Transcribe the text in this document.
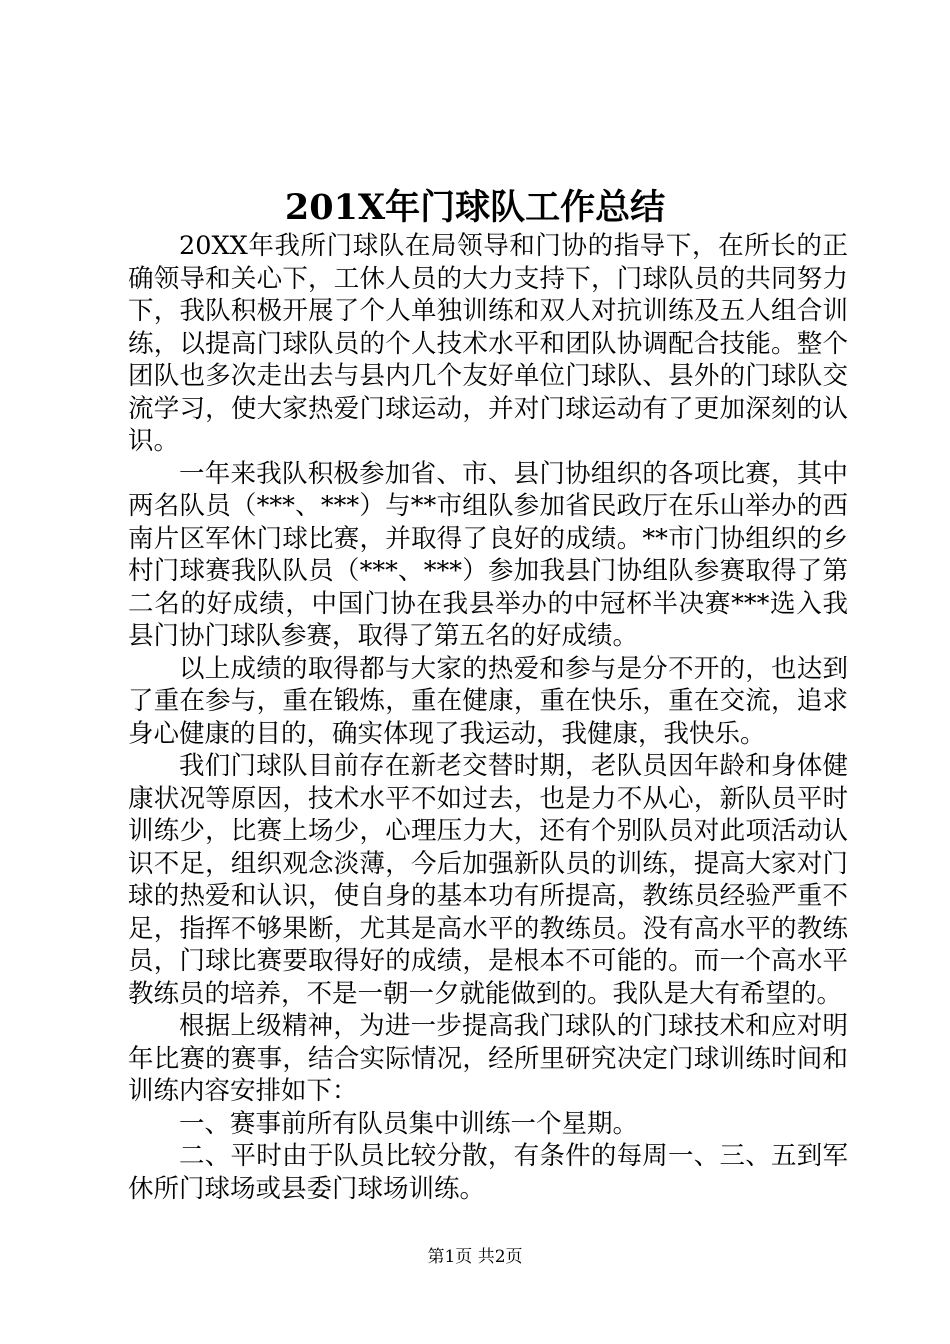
201X年门球队工作总结

20XX年我所门球队在局领导和门协的指导下，在所长的正确领导和关心下，工休人员的大力支持下，门球队员的共同努力下，我队积极开展了个人单独训练和双人对抗训练及五人组合训练，以提高门球队员的个人技术水平和团队协调配合技能。整个团队也多次走出去与县内几个友好单位门球队、县外的门球队交流学习，使大家热爱门球运动，并对门球运动有了更加深刻的认识。

一年来我队积极参加省、市、县门协组织的各项比赛，其中两名队员（***、***）与**市组队参加省民政厅在乐山举办的西南片区军休门球比赛，并取得了良好的成绩。**市门协组织的乡村门球赛我队队员（***、***）参加我县门协组队参赛取得了第二名的好成绩，中国门协在我县举办的中冠杯半决赛***选入我县门协门球队参赛，取得了第五名的好成绩。

以上成绩的取得都与大家的热爱和参与是分不开的，也达到了重在参与，重在锻炼，重在健康，重在快乐，重在交流，追求身心健康的目的，确实体现了我运动，我健康，我快乐。

我们门球队目前存在新老交替时期，老队员因年龄和身体健康状况等原因，技术水平不如过去，也是力不从心，新队员平时训练少，比赛上场少，心理压力大，还有个别队员对此项活动认识不足，组织观念淡薄，今后加强新队员的训练，提高大家对门球的热爱和认识，使自身的基本功有所提高，教练员经验严重不足，指挥不够果断，尤其是高水平的教练员。没有高水平的教练员，门球比赛要取得好的成绩，是根本不可能的。而一个高水平教练员的培养，不是一朝一夕就能做到的。我队是大有希望的。

根据上级精神，为进一步提高我门球队的门球技术和应对明年比赛的赛事，结合实际情况，经所里研究决定门球训练时间和训练内容安排如下：

一、赛事前所有队员集中训练一个星期。

二、平时由于队员比较分散，有条件的每周一、三、五到军休所门球场或县委门球场训练。

第1页 共2页
